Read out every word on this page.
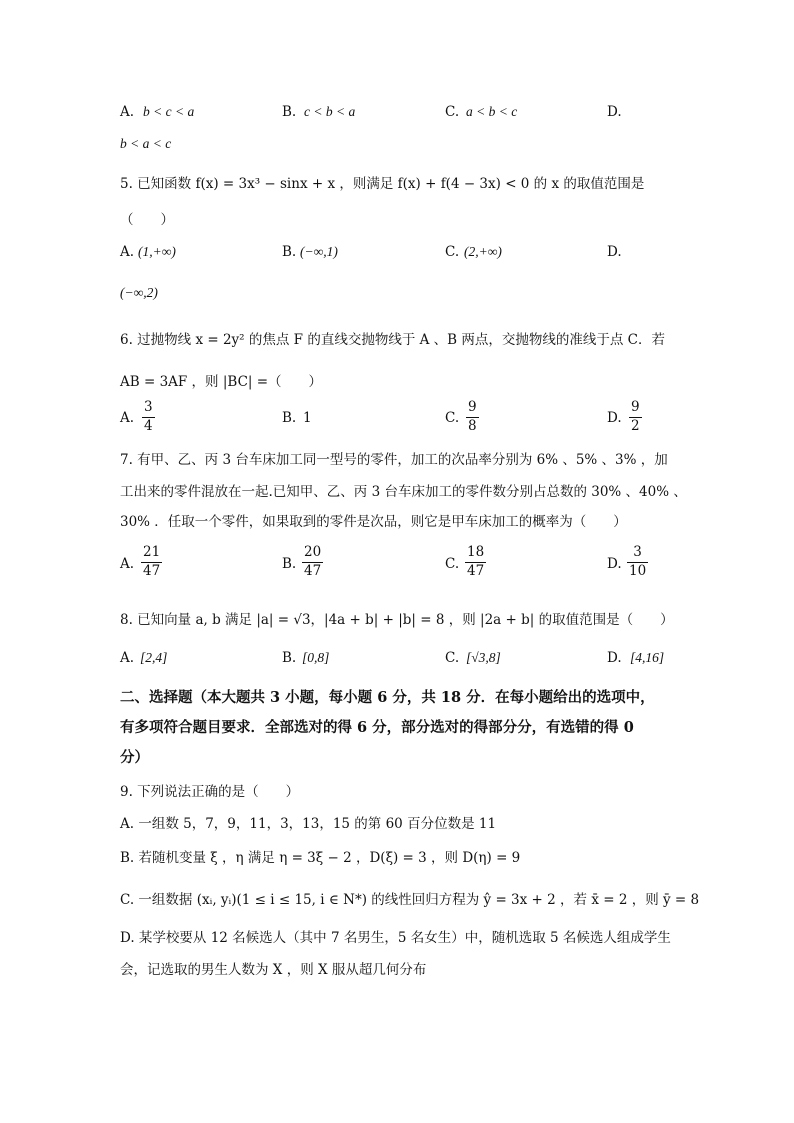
A. b < c < a	B. c < b < a	C. a < b < c	D.
b < a < c
5. 已知函数 f(x) = 3x³ − sinx + x ，则满足 f(x) + f(4 − 3x) < 0 的 x 的取值范围是
（　　）
A. (1,+∞)	B. (−∞,1)	C. (2,+∞)	D.
(−∞,2)
6. 过抛物线 x = 2y² 的焦点 F 的直线交抛物线于 A 、B 两点，交抛物线的准线于点 C．若
AB = 3AF ，则 |BC| =（　　）
A. $\frac{3}{4}$	B. 1	C. $\frac{9}{8}$	D. $\frac{9}{2}$
7. 有甲、乙、丙 3 台车床加工同一型号的零件，加工的次品率分别为 6% 、5% 、3% ，加
工出来的零件混放在一起.已知甲、乙、丙 3 台车床加工的零件数分别占总数的 30% 、40% 、
30% ．任取一个零件，如果取到的零件是次品，则它是甲车床加工的概率为（　　）
A. $\frac{21}{47}$	B. $\frac{20}{47}$	C. $\frac{18}{47}$	D. $\frac{3}{10}$
8. 已知向量 a, b 满足 |a| = √3，|4a + b| + |b| = 8 ，则 |2a + b| 的取值范围是（　　）
A. [2,4]	B. [0,8]	C. [√3,8]	D. [4,16]
二、选择题（本大题共 3 小题，每小题 6 分，共 18 分．在每小题给出的选项中，
有多项符合题目要求．全部选对的得 6 分，部分选对的得部分分，有选错的得 0
分）
9. 下列说法正确的是（　　）
A. 一组数 5，7，9，11，3，13，15 的第 60 百分位数是 11
B. 若随机变量 ξ ，η 满足 η = 3ξ − 2 ，D(ξ) = 3 ，则 D(η) = 9
C. 一组数据 (xᵢ, yᵢ)(1 ≤ i ≤ 15, i ∈ N*) 的线性回归方程为 ŷ = 3x + 2 ，若 x̄ = 2 ，则 ȳ = 8
D. 某学校要从 12 名候选人（其中 7 名男生，5 名女生）中，随机选取 5 名候选人组成学生
会，记选取的男生人数为 X ，则 X 服从超几何分布
